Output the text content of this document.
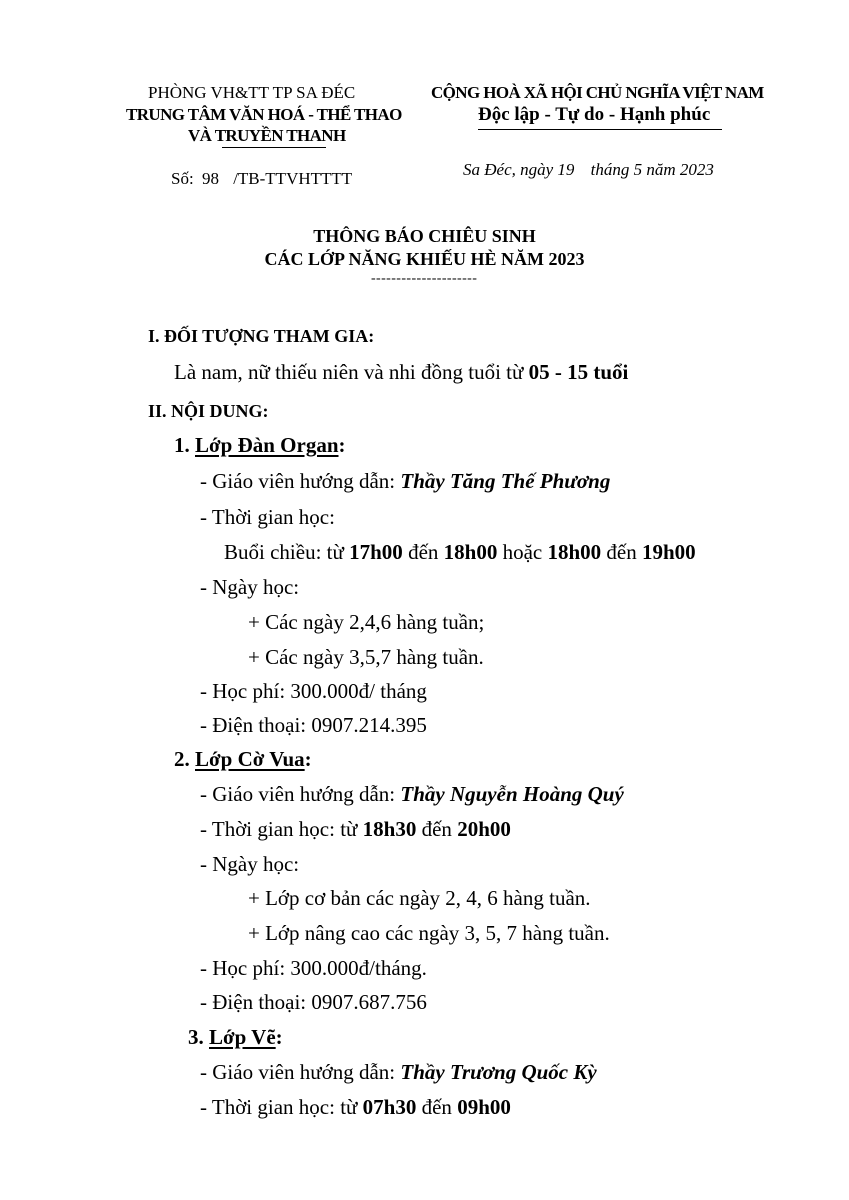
PHÒNG VH&TT TP SA ĐÉC
TRUNG TÂM VĂN HOÁ - THỂ THAO
VÀ TRUYỀN THANH
Số: 98 /TB-TTVHTTTT
CỘNG HOÀ XÃ HỘI CHỦ NGHĨA VIỆT NAM
Độc lập - Tự do - Hạnh phúc
Sa Đéc, ngày 19 tháng 5 năm 2023
THÔNG BÁO CHIÊU SINH
CÁC LỚP NĂNG KHIẾU HÈ NĂM 2023
---------------------
I. ĐỐI TƯỢNG THAM GIA:
Là nam, nữ thiếu niên và nhi đồng tuổi từ 05 - 15 tuổi
II. NỘI DUNG:
1. Lớp Đàn Organ:
- Giáo viên hướng dẫn: Thầy Tăng Thế Phương
- Thời gian học:
Buổi chiều: từ 17h00 đến 18h00 hoặc 18h00 đến 19h00
- Ngày học:
+ Các ngày 2,4,6 hàng tuần;
+ Các ngày 3,5,7 hàng tuần.
- Học phí: 300.000đ/ tháng
- Điện thoại: 0907.214.395
2. Lớp Cờ Vua:
- Giáo viên hướng dẫn: Thầy Nguyễn Hoàng Quý
- Thời gian học: từ 18h30 đến 20h00
- Ngày học:
+ Lớp cơ bản các ngày 2, 4, 6 hàng tuần.
+ Lớp nâng cao các ngày 3, 5, 7 hàng tuần.
- Học phí: 300.000đ/tháng.
- Điện thoại: 0907.687.756
3. Lớp Vẽ:
- Giáo viên hướng dẫn: Thầy Trương Quốc Kỳ
- Thời gian học: từ 07h30 đến 09h00
